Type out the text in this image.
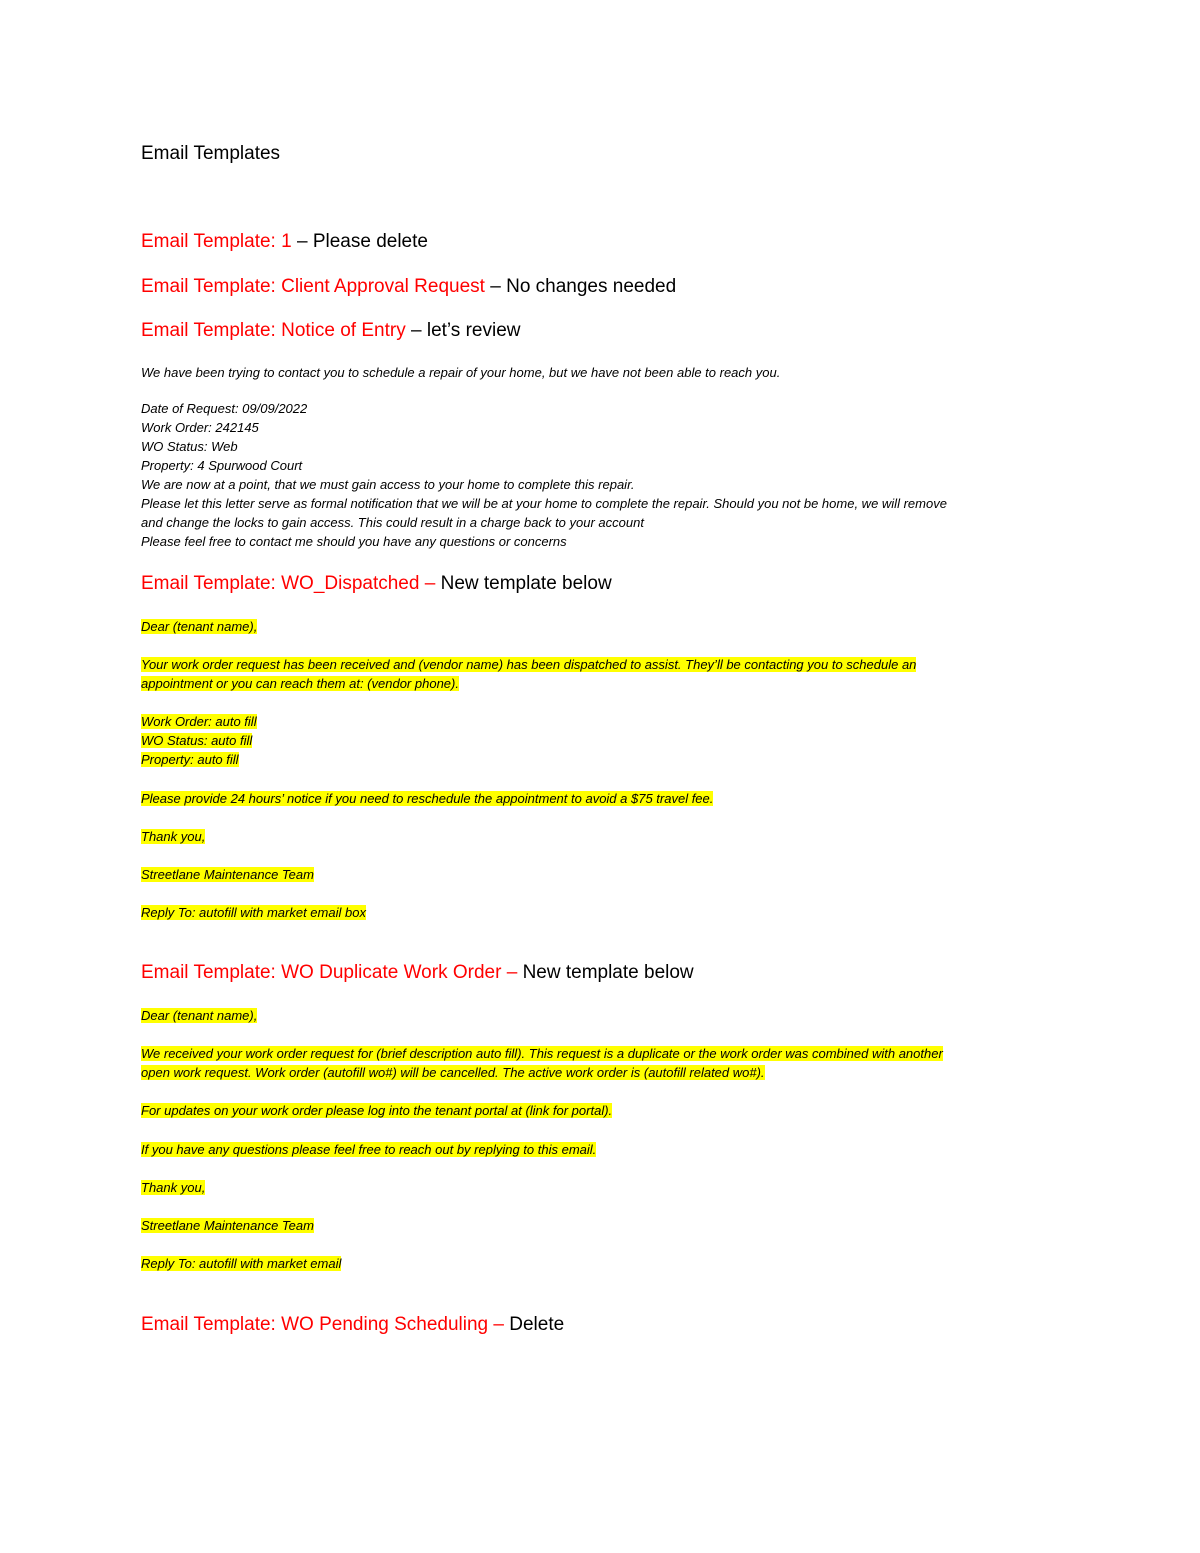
Email Templates

Email Template: 1 – Please delete

Email Template: Client Approval Request – No changes needed

Email Template: Notice of Entry – let’s review

We have been trying to contact you to schedule a repair of your home, but we have not been able to reach you.

Date of Request: 09/09/2022
Work Order: 242145
WO Status: Web
Property: 4 Spurwood Court
We are now at a point, that we must gain access to your home to complete this repair.
Please let this letter serve as formal notification that we will be at your home to complete the repair. Should you not be home, we will remove
and change the locks to gain access. This could result in a charge back to your account
Please feel free to contact me should you have any questions or concerns

Email Template: WO_Dispatched – New template below

Dear (tenant name),

Your work order request has been received and (vendor name) has been dispatched to assist. They’ll be contacting you to schedule an
appointment or you can reach them at: (vendor phone).
Work Order: auto fill
WO Status: auto fill
Property: auto fill

Please provide 24 hours’ notice if you need to reschedule the appointment to avoid a $75 travel fee.

Thank you,

Streetlane Maintenance Team

Reply To: autofill with market email box

Email Template: WO Duplicate Work Order – New template below

Dear (tenant name),

We received your work order request for (brief description auto fill). This request is a duplicate or the work order was combined with another
open work request. Work order (autofill wo#) will be cancelled. The active work order is (autofill related wo#).

For updates on your work order please log into the tenant portal at (link for portal).

If you have any questions please feel free to reach out by replying to this email.

Thank you,

Streetlane Maintenance Team

Reply To: autofill with market email

Email Template: WO Pending Scheduling – Delete
